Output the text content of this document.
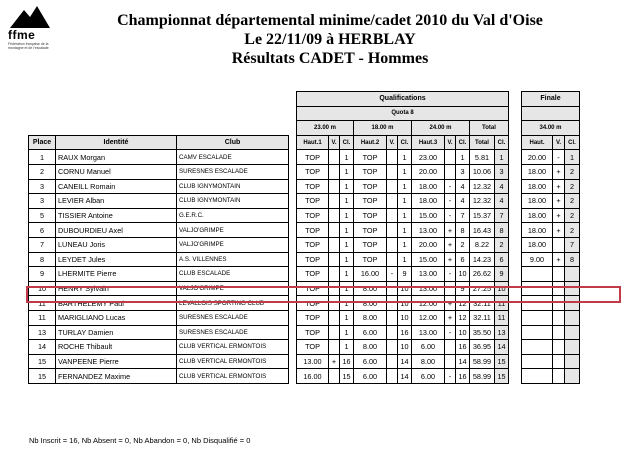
ffme
Fédération française de la montagne et de l'escalade
Championnat départemental minime/cadet 2010 du Val d'Oise
Le 22/11/09 à HERBLAY
Résultats CADET - Hommes
				Qualifications												Finale		
				Quota 8														
				23.00 m			18.00 m			24.00 m			Total			34.00 m		
Place	Identité	Club		Haut.1	V.	Cl.	Haut.2	V.	Cl.	Haut.3	V.	Cl.	Total	Cl.		Haut.	V.	Cl.
1	RAUX Morgan	CAMV ESCALADE		TOP		1	TOP		1	23.00		1	5.81	1		20.00	-	1
2	CORNU Manuel	SURESNES ESCALADE		TOP		1	TOP		1	20.00		3	10.06	3		18.00	+	2
3	CANEILL Romain	CLUB IGNYMONTAIN		TOP		1	TOP		1	18.00	-	4	12.32	4		18.00	+	2
3	LEVIER Alban	CLUB IGNYMONTAIN		TOP		1	TOP		1	18.00	-	4	12.32	4		18.00	+	2
5	TISSIER Antoine	G.E.R.C.		TOP		1	TOP		1	15.00	-	7	15.37	7		18.00	+	2
6	DUBOURDIEU Axel	VALJO'GRIMPE		TOP		1	TOP		1	13.00	+	8	16.43	8		18.00	+	2
7	LUNEAU Joris	VALJO'GRIMPE		TOP		1	TOP		1	20.00	+	2	8.22	2		18.00		7
8	LEYDET Jules	A.S. VILLENNES		TOP		1	TOP		1	15.00	+	6	14.23	6		9.00	+	8
9	LHERMITE Pierre	CLUB ESCALADE		TOP		1	16.00	-	9	13.00	-	10	26.62	9				
10	HENRY Sylvain	VALJO'GRIMPE		TOP		1	8.00		10	13.00		9	27.25	10				
11	BARTHELEMY Paul	LEVALLOIS SPORTING CLUB		TOP		1	8.00		10	12.00	+	12	32.11	11				
11	MARIGLIANO Lucas	SURESNES ESCALADE		TOP		1	8.00		10	12.00	+	12	32.11	11				
13	TURLAY Damien	SURESNES ESCALADE		TOP		1	6.00		16	13.00	-	10	35.50	13				
14	ROCHE Thibault	CLUB VERTICAL ERMONTOIS		TOP		1	8.00		10	6.00		16	36.95	14				
15	VANPEENE Pierre	CLUB VERTICAL ERMONTOIS		13.00	+	16	6.00		14	8.00		14	58.99	15				
15	FERNANDEZ Maxime	CLUB VERTICAL ERMONTOIS		16.00		15	6.00		14	6.00	-	16	58.99	15				
Nb Inscrit = 16, Nb Absent = 0, Nb Abandon = 0, Nb Disqualifié = 0
